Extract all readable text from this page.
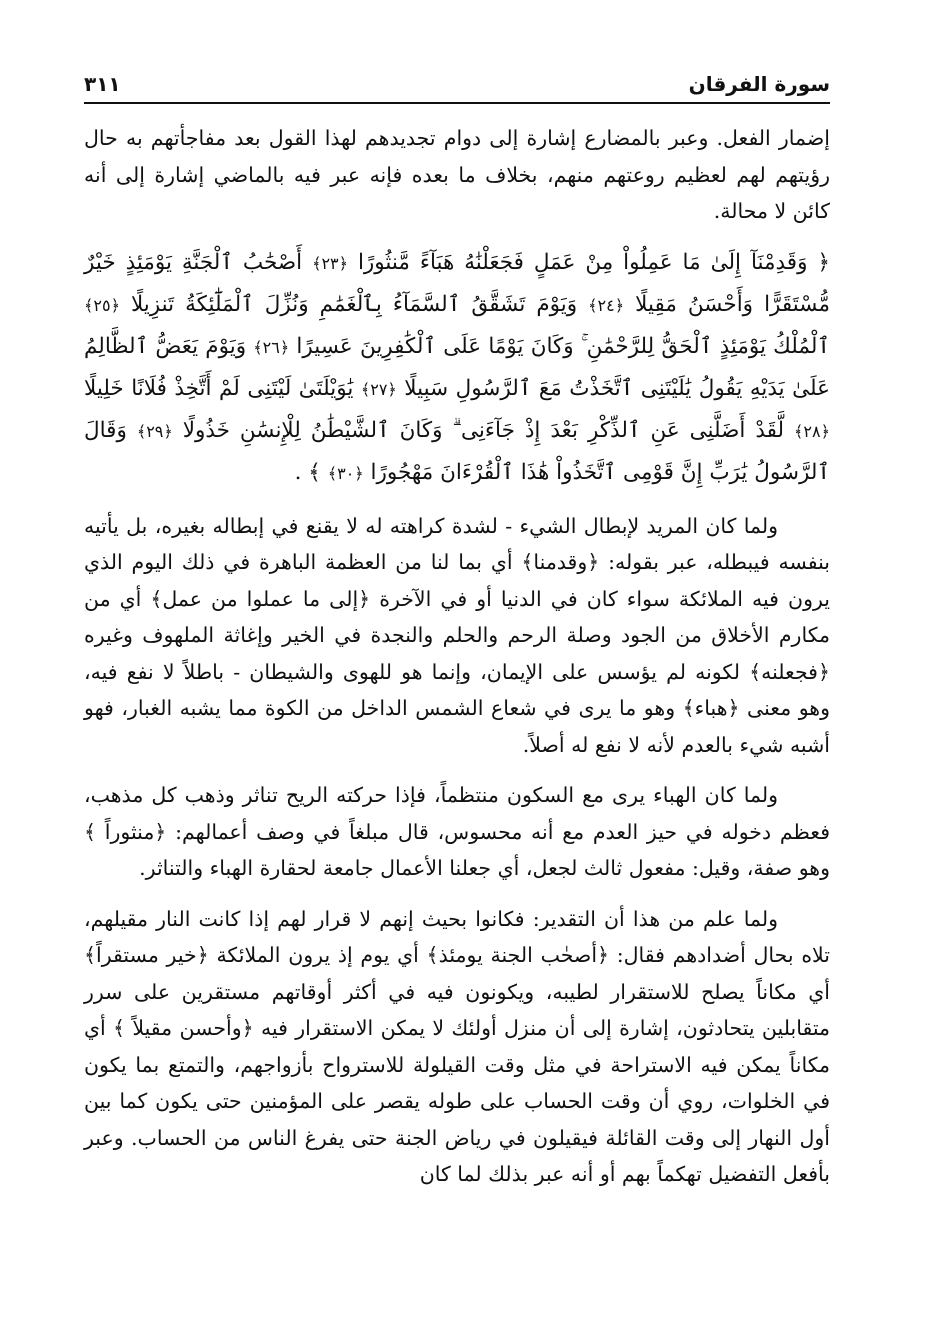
سورة الفرقان
٣١١

إضمار الفعل. وعبر بالمضارع إشارة إلى دوام تجديدهم لهذا القول بعد مفاجأتهم به حال رؤيتهم لهم لعظيم روعتهم منهم، بخلاف ما بعده فإنه عبر فيه بالماضي إشارة إلى أنه كائن لا محالة.

﴿ وَقَدِمْنَآ إِلَىٰ مَا عَمِلُواْ مِنْ عَمَلٍ فَجَعَلْنَٰهُ هَبَآءً مَّنثُورًا ﴿٢٣﴾ أَصْحَٰبُ ٱلْجَنَّةِ يَوْمَئِذٍ خَيْرٌ مُّسْتَقَرًّا وَأَحْسَنُ مَقِيلًا ﴿٢٤﴾ وَيَوْمَ تَشَقَّقُ ٱلسَّمَآءُ بِٱلْغَمَٰمِ وَنُزِّلَ ٱلْمَلَٰٓئِكَةُ تَنزِيلًا ﴿٢٥﴾ ٱلْمُلْكُ يَوْمَئِذٍ ٱلْحَقُّ لِلرَّحْمَٰنِ ۚ وَكَانَ يَوْمًا عَلَى ٱلْكَٰفِرِينَ عَسِيرًا ﴿٢٦﴾ وَيَوْمَ يَعَضُّ ٱلظَّالِمُ عَلَىٰ يَدَيْهِ يَقُولُ يَٰلَيْتَنِى ٱتَّخَذْتُ مَعَ ٱلرَّسُولِ سَبِيلًا ﴿٢٧﴾ يَٰوَيْلَتَىٰ لَيْتَنِى لَمْ أَتَّخِذْ فُلَانًا خَلِيلًا ﴿٢٨﴾ لَّقَدْ أَضَلَّنِى عَنِ ٱلذِّكْرِ بَعْدَ إِذْ جَآءَنِى ۗ وَكَانَ ٱلشَّيْطَٰنُ لِلْإِنسَٰنِ خَذُولًا ﴿٢٩﴾ وَقَالَ ٱلرَّسُولُ يَٰرَبِّ إِنَّ قَوْمِى ٱتَّخَذُواْ هَٰذَا ٱلْقُرْءَانَ مَهْجُورًا ﴿٣٠﴾ ﴾ .

ولما كان المريد لإبطال الشيء - لشدة كراهته له لا يقنع في إبطاله بغيره، بل يأتيه بنفسه فيبطله، عبر بقوله: ﴿وقدمنا﴾ أي بما لنا من العظمة الباهرة في ذلك اليوم الذي يرون فيه الملائكة سواء كان في الدنيا أو في الآخرة ﴿إلى ما عملوا من عمل﴾ أي من مكارم الأخلاق من الجود وصلة الرحم والحلم والنجدة في الخير وإغاثة الملهوف وغيره ﴿فجعلنه﴾ لكونه لم يؤسس على الإيمان، وإنما هو للهوى والشيطان - باطلاً لا نفع فيه، وهو معنى ﴿هباء﴾ وهو ما يرى في شعاع الشمس الداخل من الكوة مما يشبه الغبار، فهو أشبه شيء بالعدم لأنه لا نفع له أصلاً.

ولما كان الهباء يرى مع السكون منتظماً، فإذا حركته الريح تناثر وذهب كل مذهب، فعظم دخوله في حيز العدم مع أنه محسوس، قال مبلغاً في وصف أعمالهم: ﴿منثوراً ﴾ وهو صفة، وقيل: مفعول ثالث لجعل، أي جعلنا الأعمال جامعة لحقارة الهباء والتناثر.

ولما علم من هذا أن التقدير: فكانوا بحيث إنهم لا قرار لهم إذا كانت النار مقيلهم، تلاه بحال أضدادهم فقال: ﴿أصحٰب الجنة يومئذ﴾ أي يوم إذ يرون الملائكة ﴿خير مستقراً﴾ أي مكاناً يصلح للاستقرار لطيبه، ويكونون فيه في أكثر أوقاتهم مستقرين على سرر متقابلين يتحادثون، إشارة إلى أن منزل أولئك لا يمكن الاستقرار فيه ﴿وأحسن مقيلاً ﴾ أي مكاناً يمكن فيه الاستراحة في مثل وقت القيلولة للاسترواح بأزواجهم، والتمتع بما يكون في الخلوات، روي أن وقت الحساب على طوله يقصر على المؤمنين حتى يكون كما بين أول النهار إلى وقت القائلة فيقيلون في رياض الجنة حتى يفرغ الناس من الحساب. وعبر بأفعل التفضيل تهكماً بهم أو أنه عبر بذلك لما كان
